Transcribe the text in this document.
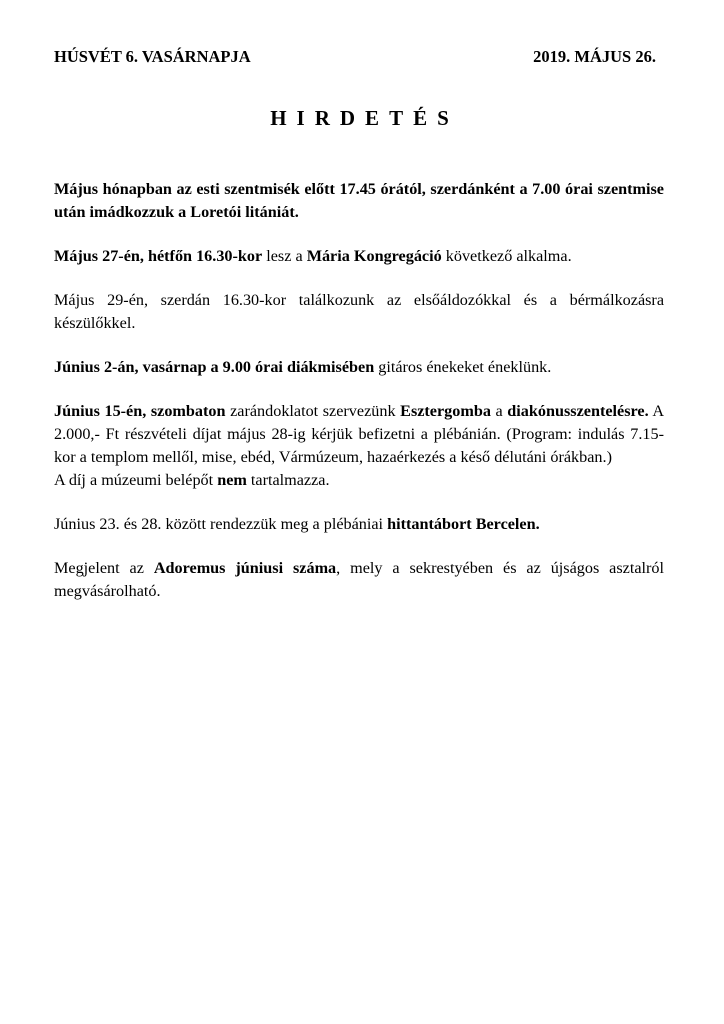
HÚSVÉT 6. VASÁRNAPJA	2019. MÁJUS 26.
HIRDETÉS

Május hónapban az esti szentmisék előtt 17.45 órától, szerdánként a 7.00 órai szentmise után imádkozzuk a Loretói litániát.

Május 27-én, hétfőn 16.30-kor lesz a Mária Kongregáció következő alkalma.

Május 29-én, szerdán 16.30-kor találkozunk az elsőáldozókkal és a bérmálkozásra készülőkkel.

Június 2-án, vasárnap a 9.00 órai diákmisében gitáros énekeket éneklünk.

Június 15-én, szombaton zarándoklatot szervezünk Esztergomba a diakónusszentelésre. A 2.000,- Ft részvételi díjat május 28-ig kérjük befizetni a plébánián. (Program: indulás 7.15-kor a templom mellől, mise, ebéd, Vármúzeum, hazaérkezés a késő délutáni órákban.)

A díj a múzeumi belépőt nem tartalmazza.

Június 23. és 28. között rendezzük meg a plébániai hittantábort Bercelen.

Megjelent az Adoremus júniusi száma, mely a sekrestyében és az újságos asztalról megvásárolható.
